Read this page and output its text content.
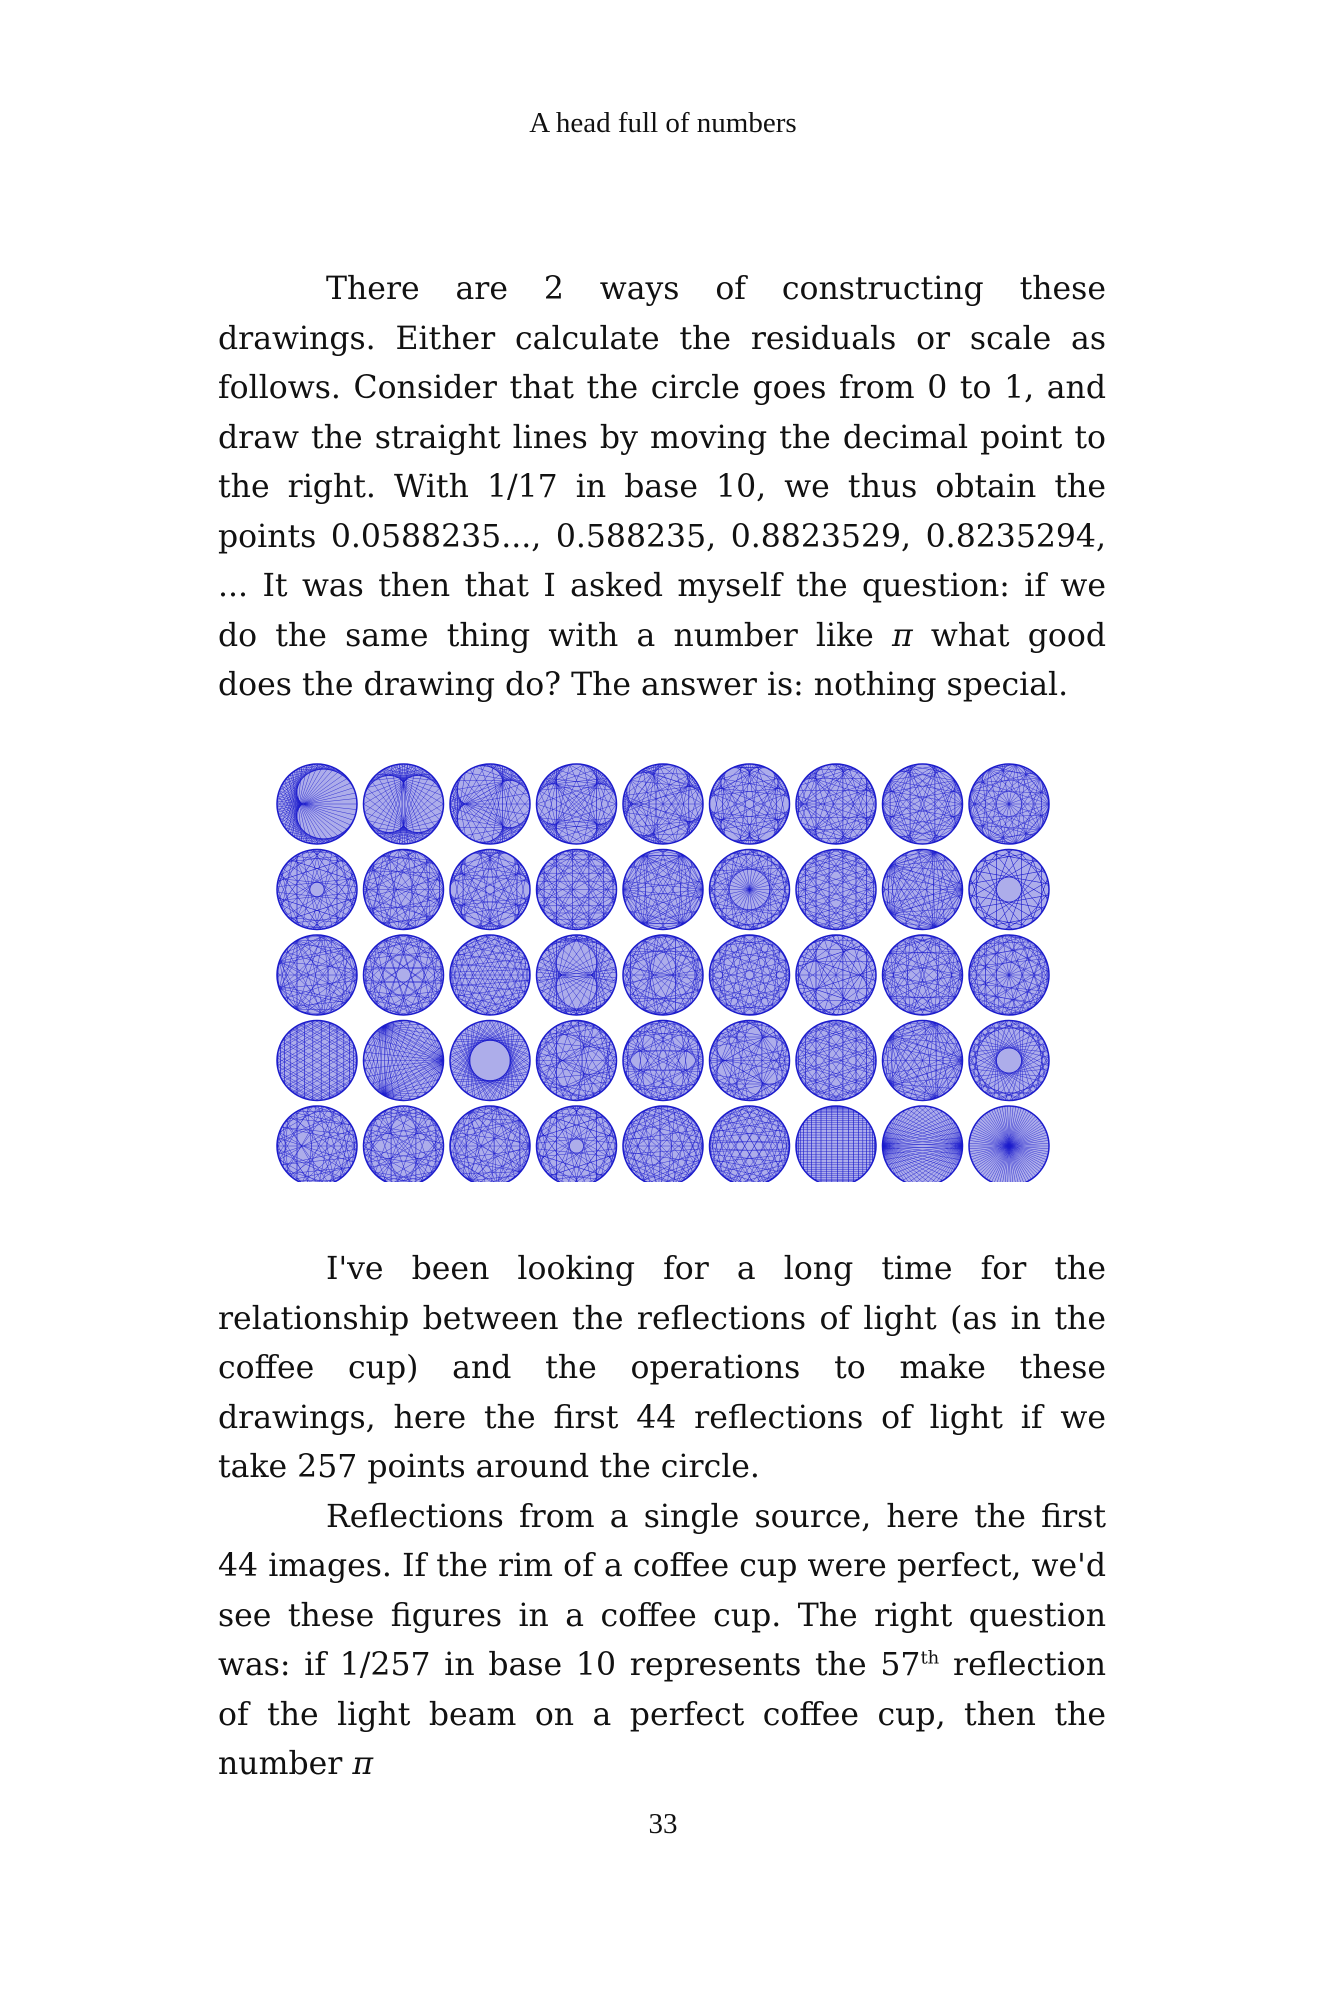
A head full of numbers

There are 2 ways of constructing these drawings. Either calculate the residuals or scale as follows. Consider that the circle goes from 0 to 1, and draw the straight lines by moving the decimal point to the right. With 1/17 in base 10, we thus obtain the points 0.0588235..., 0.588235, 0.8823529, 0.8235294, ... It was then that I asked myself the question: if we do the same thing with a number like π what good does the drawing do? The answer is: nothing special.

I've been looking for a long time for the relationship between the reflections of light (as in the coffee cup) and the operations to make these drawings, here the first 44 reflections of light if we take 257 points around the circle.

Reflections from a single source, here the first 44 images. If the rim of a coffee cup were perfect, we'd see these figures in a coffee cup. The right question was: if 1/257 in base 10 represents the 57th reflection of the light beam on a perfect coffee cup, then the number π

33
